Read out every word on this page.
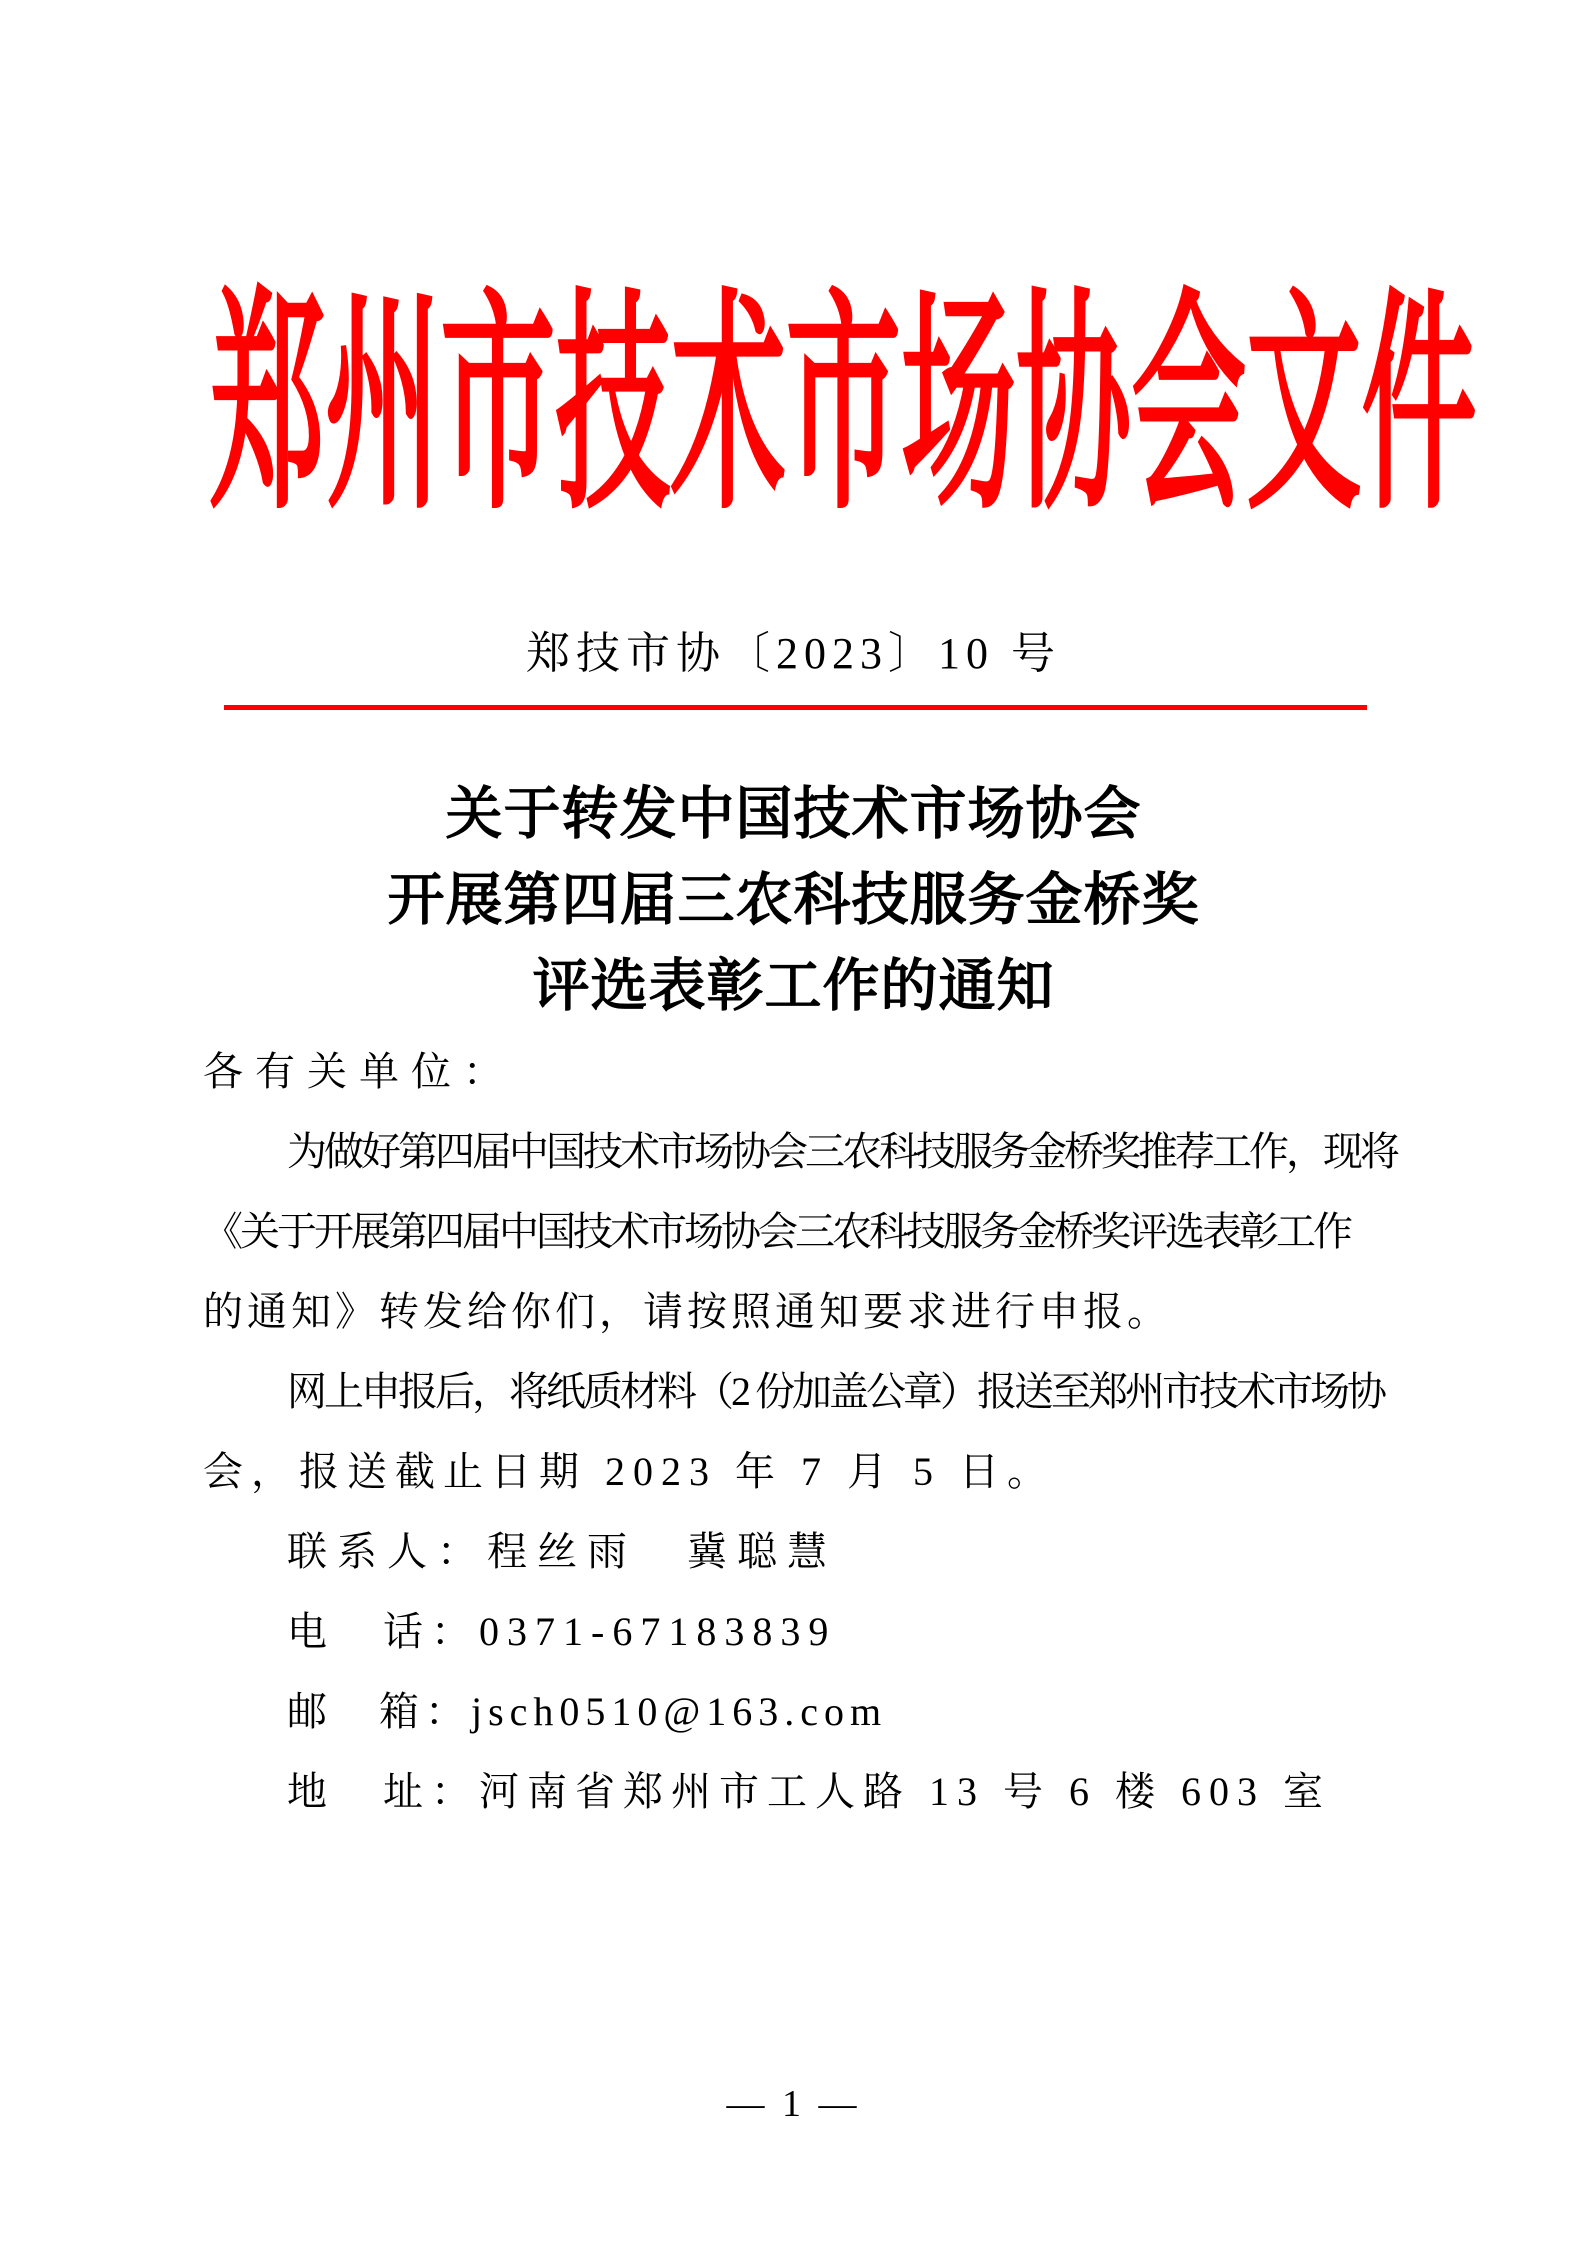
郑州市技术市场协会文件
郑技市协〔2023〕10 号
关于转发中国技术市场协会
开展第四届三农科技服务金桥奖
评选表彰工作的通知
各有关单位：
为做好第四届中国技术市场协会三农科技服务金桥奖推荐工作，现将
《关于开展第四届中国技术市场协会三农科技服务金桥奖评选表彰工作
的通知》转发给你们，请按照通知要求进行申报。
网上申报后，将纸质材料（2 份加盖公章）报送至郑州市技术市场协
会，报送截止日期 2023 年 7 月 5 日。
联系人：程丝雨　冀聪慧
电　话：0371-67183839
邮　箱：jsch0510@163.com
地　址：河南省郑州市工人路 13 号 6 楼 603 室
— 1 —
